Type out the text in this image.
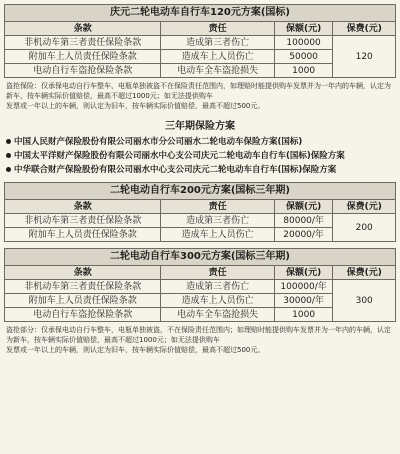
庆元二轮电动车自行车120元方案(国标)			
条款	责任	保额(元)	保费(元)
非机动车第三者责任保险条款	造成第三者伤亡	100000	120
附加车上人员责任保险条款	造成车上人员伤亡	50000	
电动自行车盗抢保险条款	电动车全车盗抢损失	1000	

盗抢保险：仅承保电动自行车整车，电瓶单独被盗不在保险责任范围内，如理赔时能提供购车发票并为一年内的车辆，认定为新车，按车辆实际价值赔偿，最高不超过1000元；如无法提供购车

发票或一年以上的车辆，则认定为旧车，按车辆实际价值赔偿，最高不超过500元。

三年期保险方案
中国人民财产保险股份有限公司丽水市分公司丽水二轮电动车保险方案(国标)
中国太平洋财产保险股份有限公司丽水中心支公司庆元二轮电动车自行车(国标)保险方案
中华联合财产保险股份有限公司丽水中心支公司庆元二轮电动车自行车(国标)保险方案
二轮电动自行车200元方案(国标三年期)			
条款	责任	保额(元)	保费(元)
非机动车第三者责任保险条款	造成第三者伤亡	80000/年	200
附加车上人员责任保险条款	造成车上人员伤亡	20000/年	
二轮电动自行车300元方案(国标三年期)			
条款	责任	保额(元)	保费(元)
非机动车第三者责任保险条款	造成第三者伤亡	100000/年	300
附加车上人员责任保险条款	造成车上人员伤亡	30000/年	
电动自行车盗抢保险条款	电动车全车盗抢损失	1000	

盗抢部分：仅承保电动自行车整车，电瓶单独被盗，不在保险责任范围内；如理赔时能提供购车发票并为一年内的车辆，认定为新车，按车辆实际价值赔偿，最高不超过1000元；如无法提供购车

发票或一年以上的车辆，则认定为旧车，按车辆实际价值赔偿，最高不超过500元。
